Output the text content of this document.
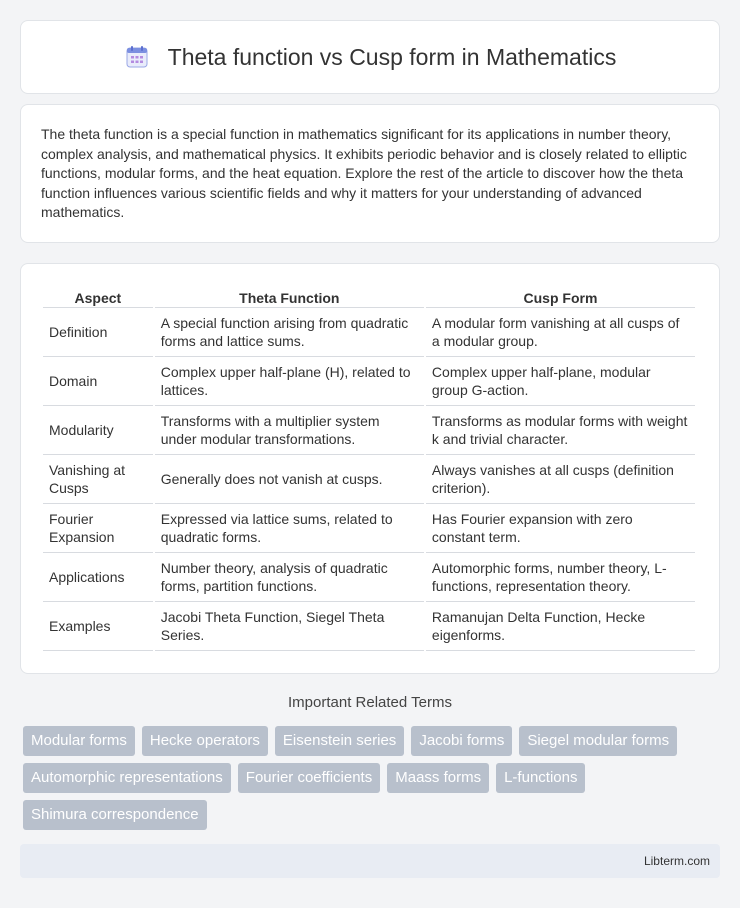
Theta function vs Cusp form in Mathematics

The theta function is a special function in mathematics significant for its applications in number theory, complex analysis, and mathematical physics. It exhibits periodic behavior and is closely related to elliptic functions, modular forms, and the heat equation. Explore the rest of the article to discover how the theta function influences various scientific fields and why it matters for your understanding of advanced mathematics.

Aspect	Theta Function	Cusp Form
Definition	A special function arising from quadratic forms and lattice sums.	A modular form vanishing at all cusps of a modular group.
Domain	Complex upper half-plane (H), related to lattices.	Complex upper half-plane, modular group G-action.
Modularity	Transforms with a multiplier system under modular transformations.	Transforms as modular forms with weight k and trivial character.
Vanishing at Cusps	Generally does not vanish at cusps.	Always vanishes at all cusps (definition criterion).
Fourier Expansion	Expressed via lattice sums, related to quadratic forms.	Has Fourier expansion with zero constant term.
Applications	Number theory, analysis of quadratic forms, partition functions.	Automorphic forms, number theory, L-functions, representation theory.
Examples	Jacobi Theta Function, Siegel Theta Series.	Ramanujan Delta Function, Hecke eigenforms.
Important Related Terms
Modular forms	Hecke operators	Eisenstein series	Jacobi forms	Siegel modular forms
Automorphic representations	Fourier coefficients	Maass forms	L-functions
Shimura correspondence
Libterm.com
